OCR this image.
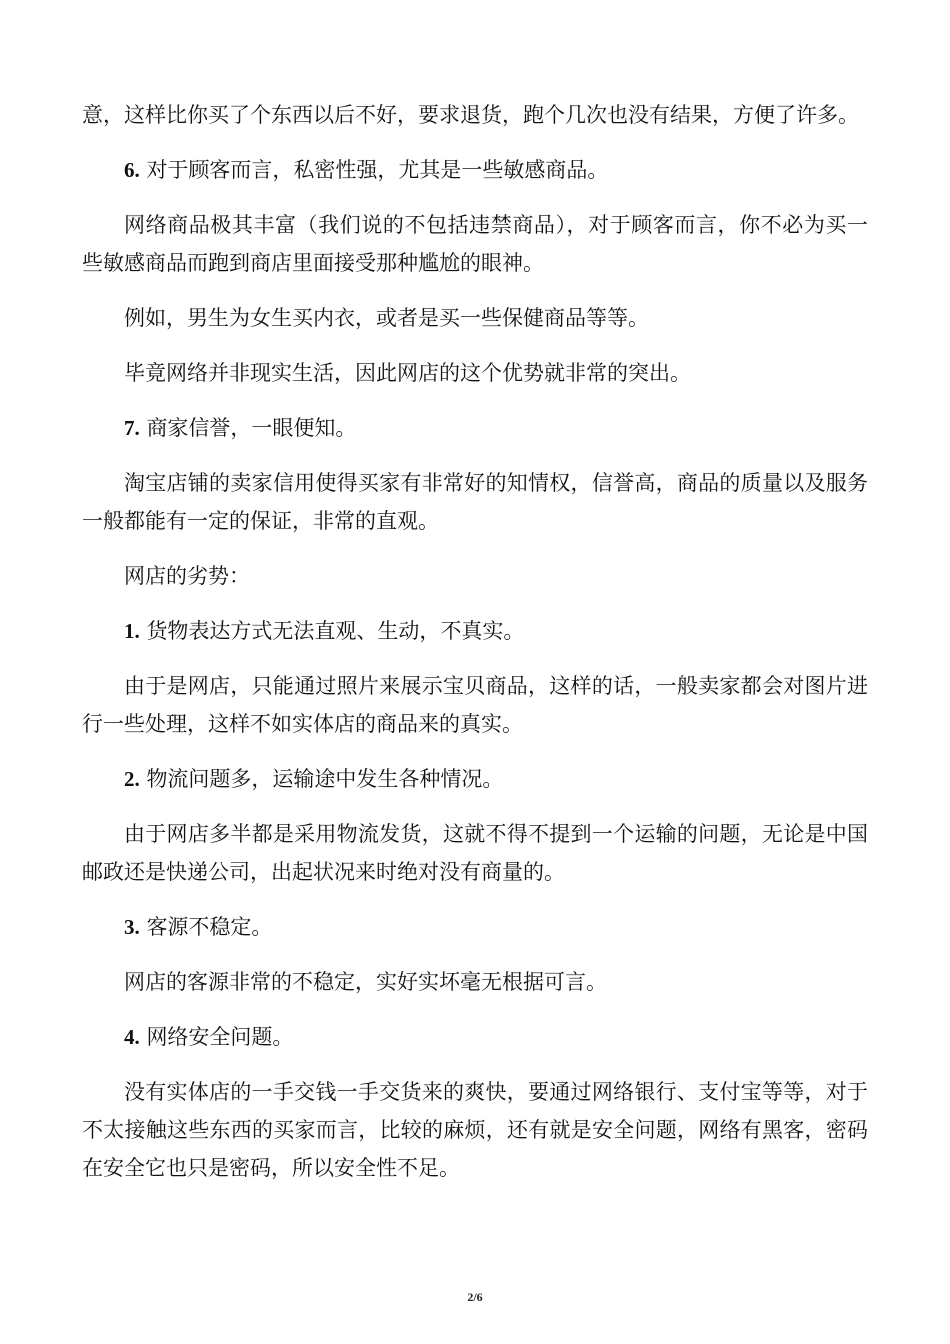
意，这样比你买了个东西以后不好，要求退货，跑个几次也没有结果，方便了许多。

6. 对于顾客而言，私密性强，尤其是一些敏感商品。

网络商品极其丰富（我们说的不包括违禁商品），对于顾客而言，你不必为买一些敏感商品而跑到商店里面接受那种尴尬的眼神。

例如，男生为女生买内衣，或者是买一些保健商品等等。

毕竟网络并非现实生活，因此网店的这个优势就非常的突出。

7. 商家信誉，一眼便知。

淘宝店铺的卖家信用使得买家有非常好的知情权，信誉高，商品的质量以及服务一般都能有一定的保证，非常的直观。

网店的劣势：

1. 货物表达方式无法直观、生动，不真实。

由于是网店，只能通过照片来展示宝贝商品，这样的话，一般卖家都会对图片进行一些处理，这样不如实体店的商品来的真实。

2. 物流问题多，运输途中发生各种情况。

由于网店多半都是采用物流发货，这就不得不提到一个运输的问题，无论是中国邮政还是快递公司，出起状况来时绝对没有商量的。

3. 客源不稳定。

网店的客源非常的不稳定，实好实坏毫无根据可言。

4. 网络安全问题。

没有实体店的一手交钱一手交货来的爽快，要通过网络银行、支付宝等等，对于不太接触这些东西的买家而言，比较的麻烦，还有就是安全问题，网络有黑客，密码在安全它也只是密码，所以安全性不足。

2/6
